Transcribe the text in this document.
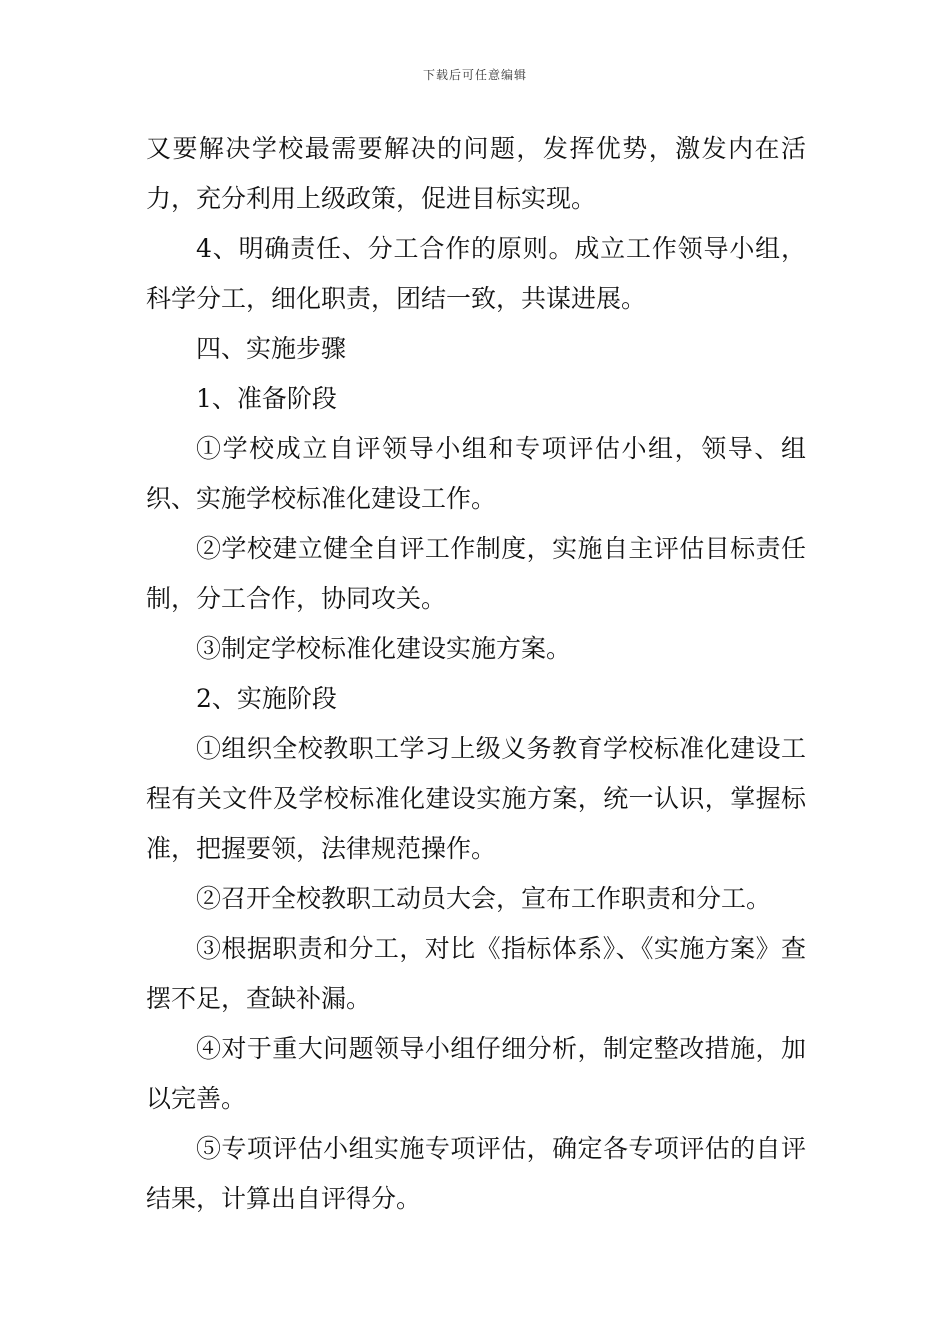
下载后可任意编辑

又要解决学校最需要解决的问题，发挥优势，激发内在活力，充分利用上级政策，促进目标实现。

4、明确责任、分工合作的原则。成立工作领导小组，科学分工，细化职责，团结一致，共谋进展。

四、实施步骤

1、准备阶段

①学校成立自评领导小组和专项评估小组，领导、组织、实施学校标准化建设工作。

②学校建立健全自评工作制度，实施自主评估目标责任制，分工合作，协同攻关。

③制定学校标准化建设实施方案。

2、实施阶段

①组织全校教职工学习上级义务教育学校标准化建设工程有关文件及学校标准化建设实施方案，统一认识，掌握标准，把握要领，法律规范操作。

②召开全校教职工动员大会，宣布工作职责和分工。

③根据职责和分工，对比《指标体系》、《实施方案》查摆不足，查缺补漏。

④对于重大问题领导小组仔细分析，制定整改措施，加以完善。

⑤专项评估小组实施专项评估，确定各专项评估的自评结果，计算出自评得分。
